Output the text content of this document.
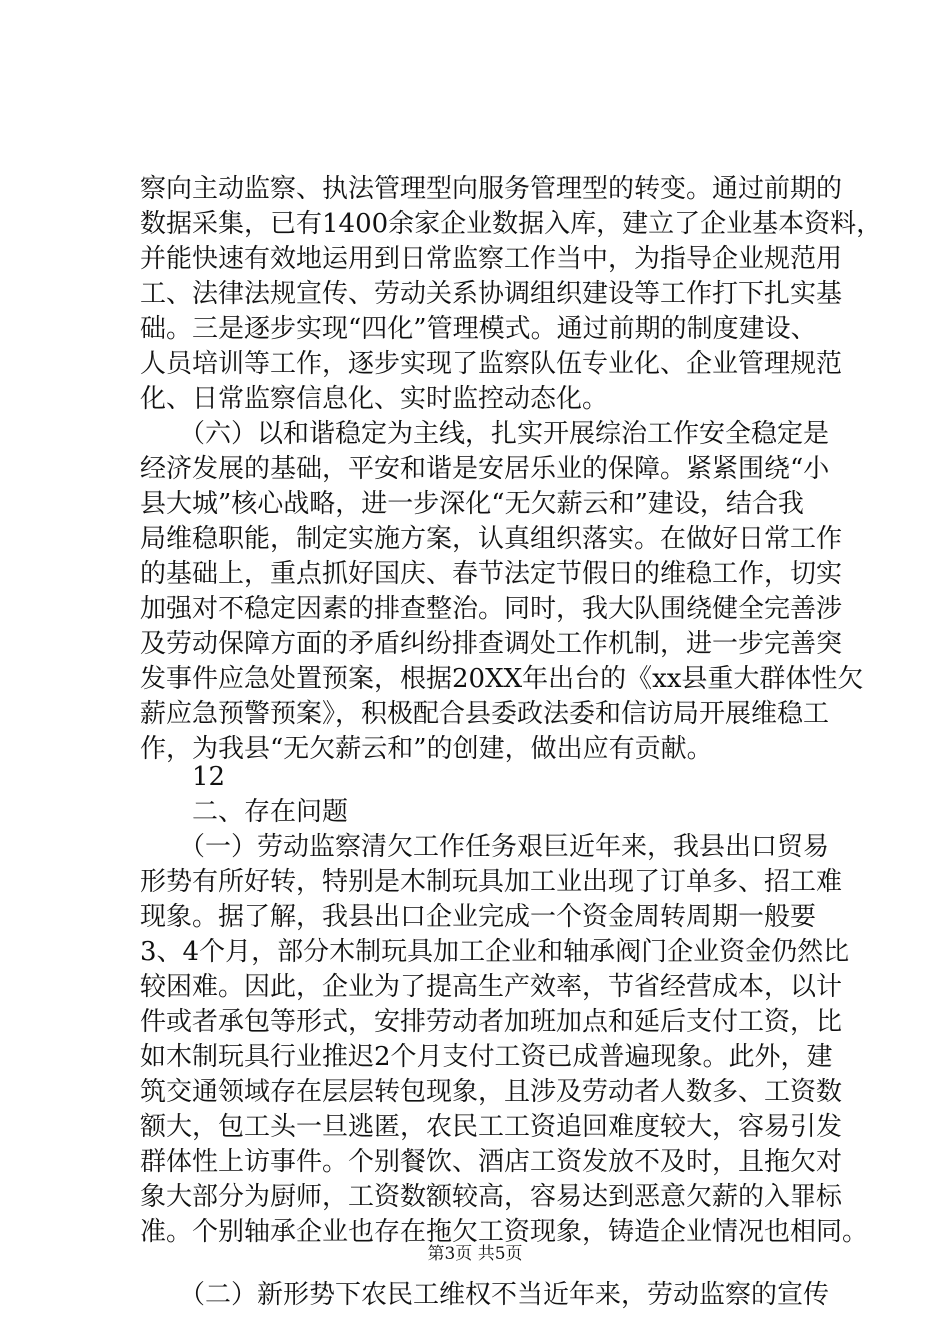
察向主动监察、执法管理型向服务管理型的转变。通过前期的
数据采集，已有1400余家企业数据入库，建立了企业基本资料，
并能快速有效地运用到日常监察工作当中，为指导企业规范用
工、法律法规宣传、劳动关系协调组织建设等工作打下扎实基
础。三是逐步实现“四化”管理模式。通过前期的制度建设、
人员培训等工作，逐步实现了监察队伍专业化、企业管理规范
化、日常监察信息化、实时监控动态化。
　　（六）以和谐稳定为主线，扎实开展综治工作安全稳定是
经济发展的基础，平安和谐是安居乐业的保障。紧紧围绕“小
县大城”核心战略，进一步深化“无欠薪云和”建设，结合我
局维稳职能，制定实施方案，认真组织落实。在做好日常工作
的基础上，重点抓好国庆、春节法定节假日的维稳工作，切实
加强对不稳定因素的排查整治。同时，我大队围绕健全完善涉
及劳动保障方面的矛盾纠纷排查调处工作机制，进一步完善突
发事件应急处置预案，根据20XX年出台的《xx县重大群体性欠
薪应急预警预案》，积极配合县委政法委和信访局开展维稳工
作，为我县“无欠薪云和”的创建，做出应有贡献。
　　12
　　二、存在问题
　　（一）劳动监察清欠工作任务艰巨近年来，我县出口贸易
形势有所好转，特别是木制玩具加工业出现了订单多、招工难
现象。据了解，我县出口企业完成一个资金周转周期一般要
3、4个月，部分木制玩具加工企业和轴承阀门企业资金仍然比
较困难。因此，企业为了提高生产效率，节省经营成本，以计
件或者承包等形式，安排劳动者加班加点和延后支付工资，比
如木制玩具行业推迟2个月支付工资已成普遍现象。此外，建
筑交通领域存在层层转包现象，且涉及劳动者人数多、工资数
额大，包工头一旦逃匿，农民工工资追回难度较大，容易引发
群体性上访事件。个别餐饮、酒店工资发放不及时，且拖欠对
象大部分为厨师，工资数额较高，容易达到恶意欠薪的入罪标
准。个别轴承企业也存在拖欠工资现象，铸造企业情况也相同。
　　（二）新形势下农民工维权不当近年来，劳动监察的宣传
第3页 共5页
